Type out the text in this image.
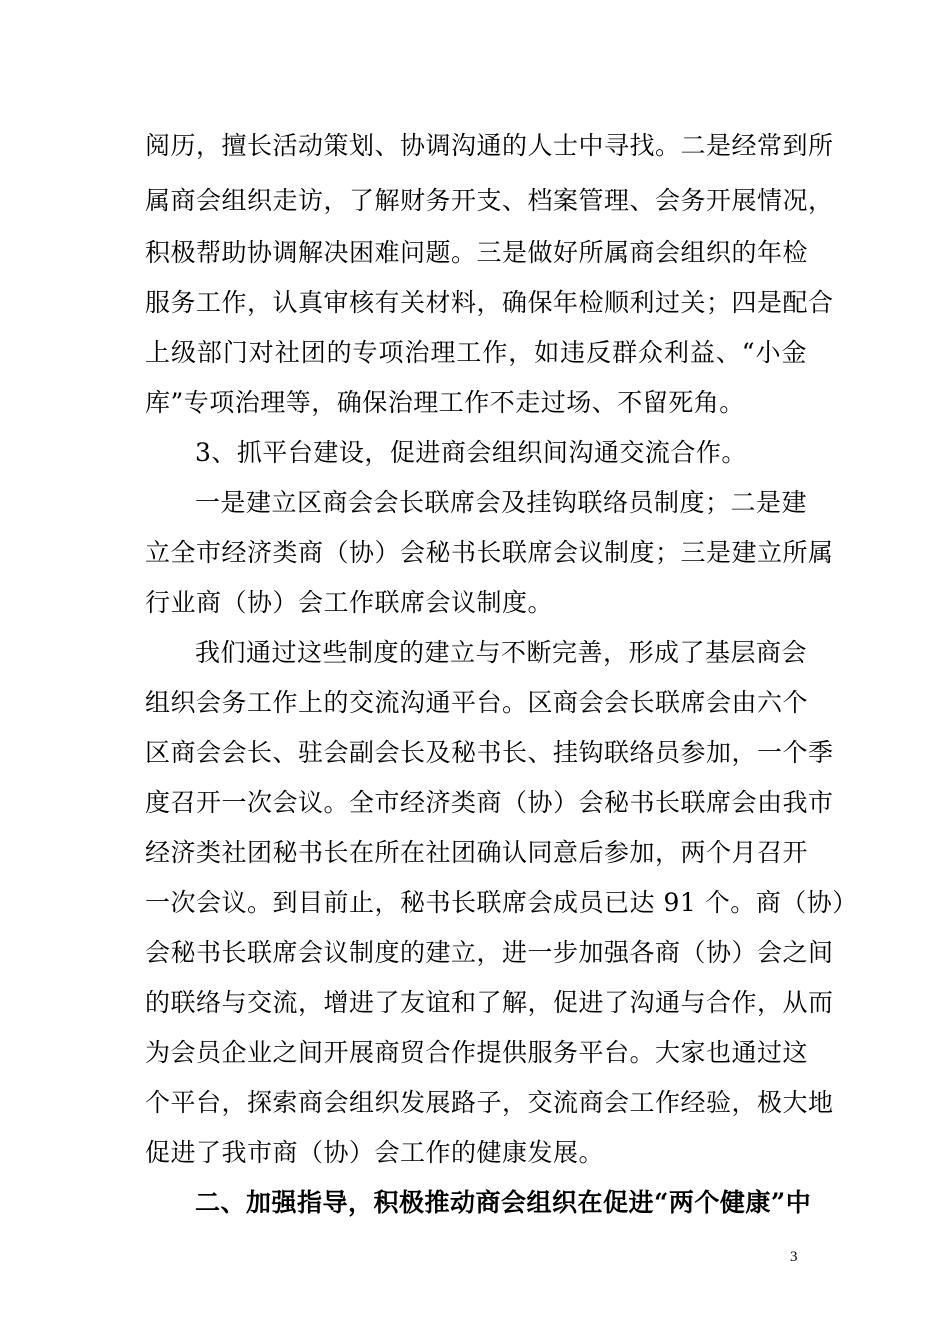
阅历，擅长活动策划、协调沟通的人士中寻找。二是经常到所
属商会组织走访，了解财务开支、档案管理、会务开展情况，
积极帮助协调解决困难问题。三是做好所属商会组织的年检
服务工作，认真审核有关材料，确保年检顺利过关；四是配合
上级部门对社团的专项治理工作，如违反群众利益、“小金
库”专项治理等，确保治理工作不走过场、不留死角。
3、抓平台建设，促进商会组织间沟通交流合作。
一是建立区商会会长联席会及挂钩联络员制度；二是建
立全市经济类商（协）会秘书长联席会议制度；三是建立所属
行业商（协）会工作联席会议制度。
我们通过这些制度的建立与不断完善，形成了基层商会
组织会务工作上的交流沟通平台。区商会会长联席会由六个
区商会会长、驻会副会长及秘书长、挂钩联络员参加，一个季
度召开一次会议。全市经济类商（协）会秘书长联席会由我市
经济类社团秘书长在所在社团确认同意后参加，两个月召开
一次会议。到目前止，秘书长联席会成员已达 91 个。商（协）
会秘书长联席会议制度的建立，进一步加强各商（协）会之间
的联络与交流，增进了友谊和了解，促进了沟通与合作，从而
为会员企业之间开展商贸合作提供服务平台。大家也通过这
个平台，探索商会组织发展路子，交流商会工作经验，极大地
促进了我市商（协）会工作的健康发展。
二、加强指导，积极推动商会组织在促进“两个健康”中
3
